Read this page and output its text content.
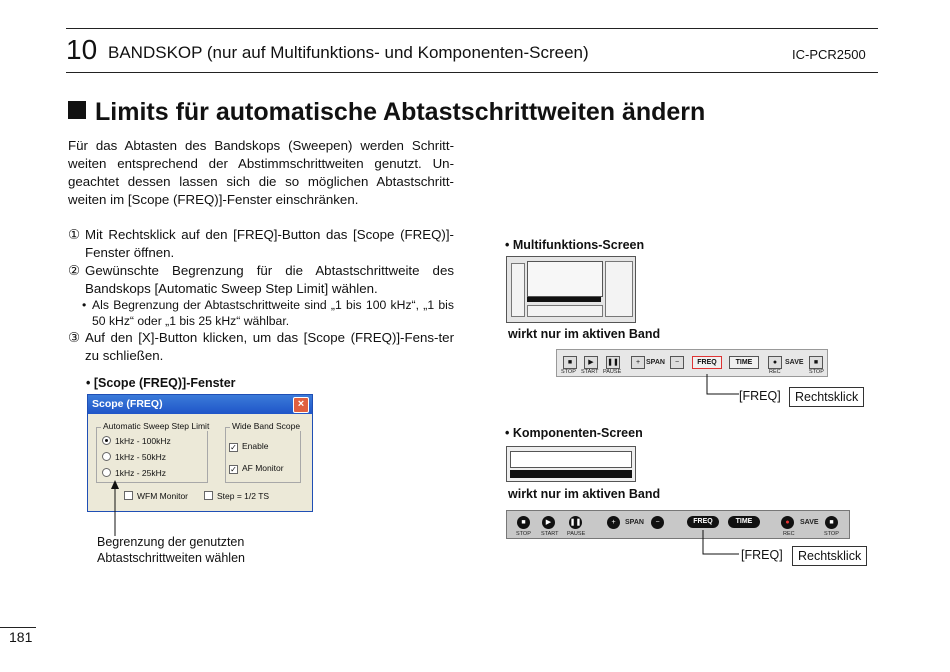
10 BANDSKOP (nur auf Multifunktions- und Komponenten-Screen)	IC-PCR2500
Limits für automatische Abtastschrittweiten ändern
Für das Abtasten des Bandskops (Sweepen) werden Schritt-weiten entsprechend der Abstimmschrittweiten genutzt. Un-geachtet dessen lassen sich die so möglichen Abtastschritt-weiten im [Scope (FREQ)]-Fenster einschränken.
① Mit Rechtsklick auf den [FREQ]-Button das [Scope (FREQ)]-Fenster öffnen.
② Gewünschte Begrenzung für die Abtastschrittweite des Bandskops [Automatic Sweep Step Limit] wählen.
• Als Begrenzung der Abtastschrittweite sind „1 bis 100 kHz“, „1 bis 50 kHz“ oder „1 bis 25 kHz“ wählbar.
③ Auf den [X]-Button klicken, um das [Scope (FREQ)]-Fens-ter zu schließen.
• [Scope (FREQ)]-Fenster
Scope (FREQ)	×
Automatic Sweep Step Limit
1kHz - 100kHz
1kHz - 50kHz
1kHz - 25kHz
Wide Band Scope
✓ Enable
✓ AF Monitor
WFM Monitor	Step = 1/2 TS
Begrenzung der genutzten Abtastschrittweiten wählen
• Multifunktions-Screen
wirkt nur im aktiven Band
■	▶	❚❚	+ SPAN	−	FREQ	TIME	●	SAVE	■
STOP START PAUSE	REC	STOP
[FREQ]	Rechtsklick
• Komponenten-Screen
wirkt nur im aktiven Band
■	▶	❚❚	+	SPAN	−	FREQ	TIME	●	SAVE	■
STOP START PAUSE	REC	STOP
[FREQ]	Rechtsklick
181
